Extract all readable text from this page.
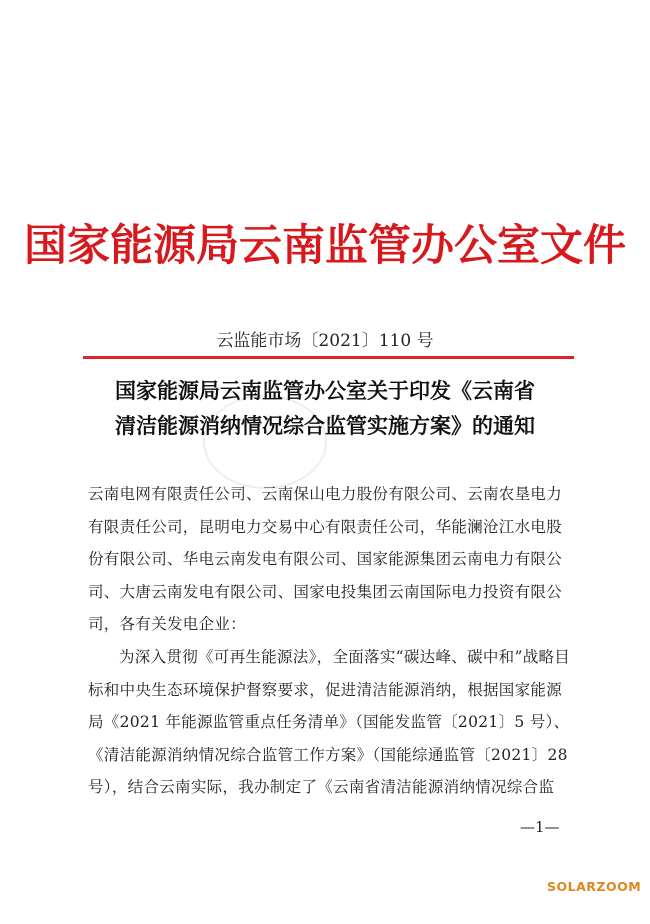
国家能源局云南监管办公室文件
云监能市场〔2021〕110 号
国家能源局云南监管办公室关于印发《云南省
清洁能源消纳情况综合监管实施方案》的通知
云南电网有限责任公司、云南保山电力股份有限公司、云南农垦电力有限责任公司，昆明电力交易中心有限责任公司，华能澜沧江水电股份有限公司、华电云南发电有限公司、国家能源集团云南电力有限公司、大唐云南发电有限公司、国家电投集团云南国际电力投资有限公司，各有关发电企业：
为深入贯彻《可再生能源法》，全面落实“碳达峰、碳中和”战略目标和中央生态环境保护督察要求，促进清洁能源消纳，根据国家能源局《2021 年能源监管重点任务清单》（国能发监管〔2021〕5 号）、《清洁能源消纳情况综合监管工作方案》（国能综通监管〔2021〕28 号），结合云南实际，我办制定了《云南省清洁能源消纳情况综合监
—1—
SOLARZOOM
